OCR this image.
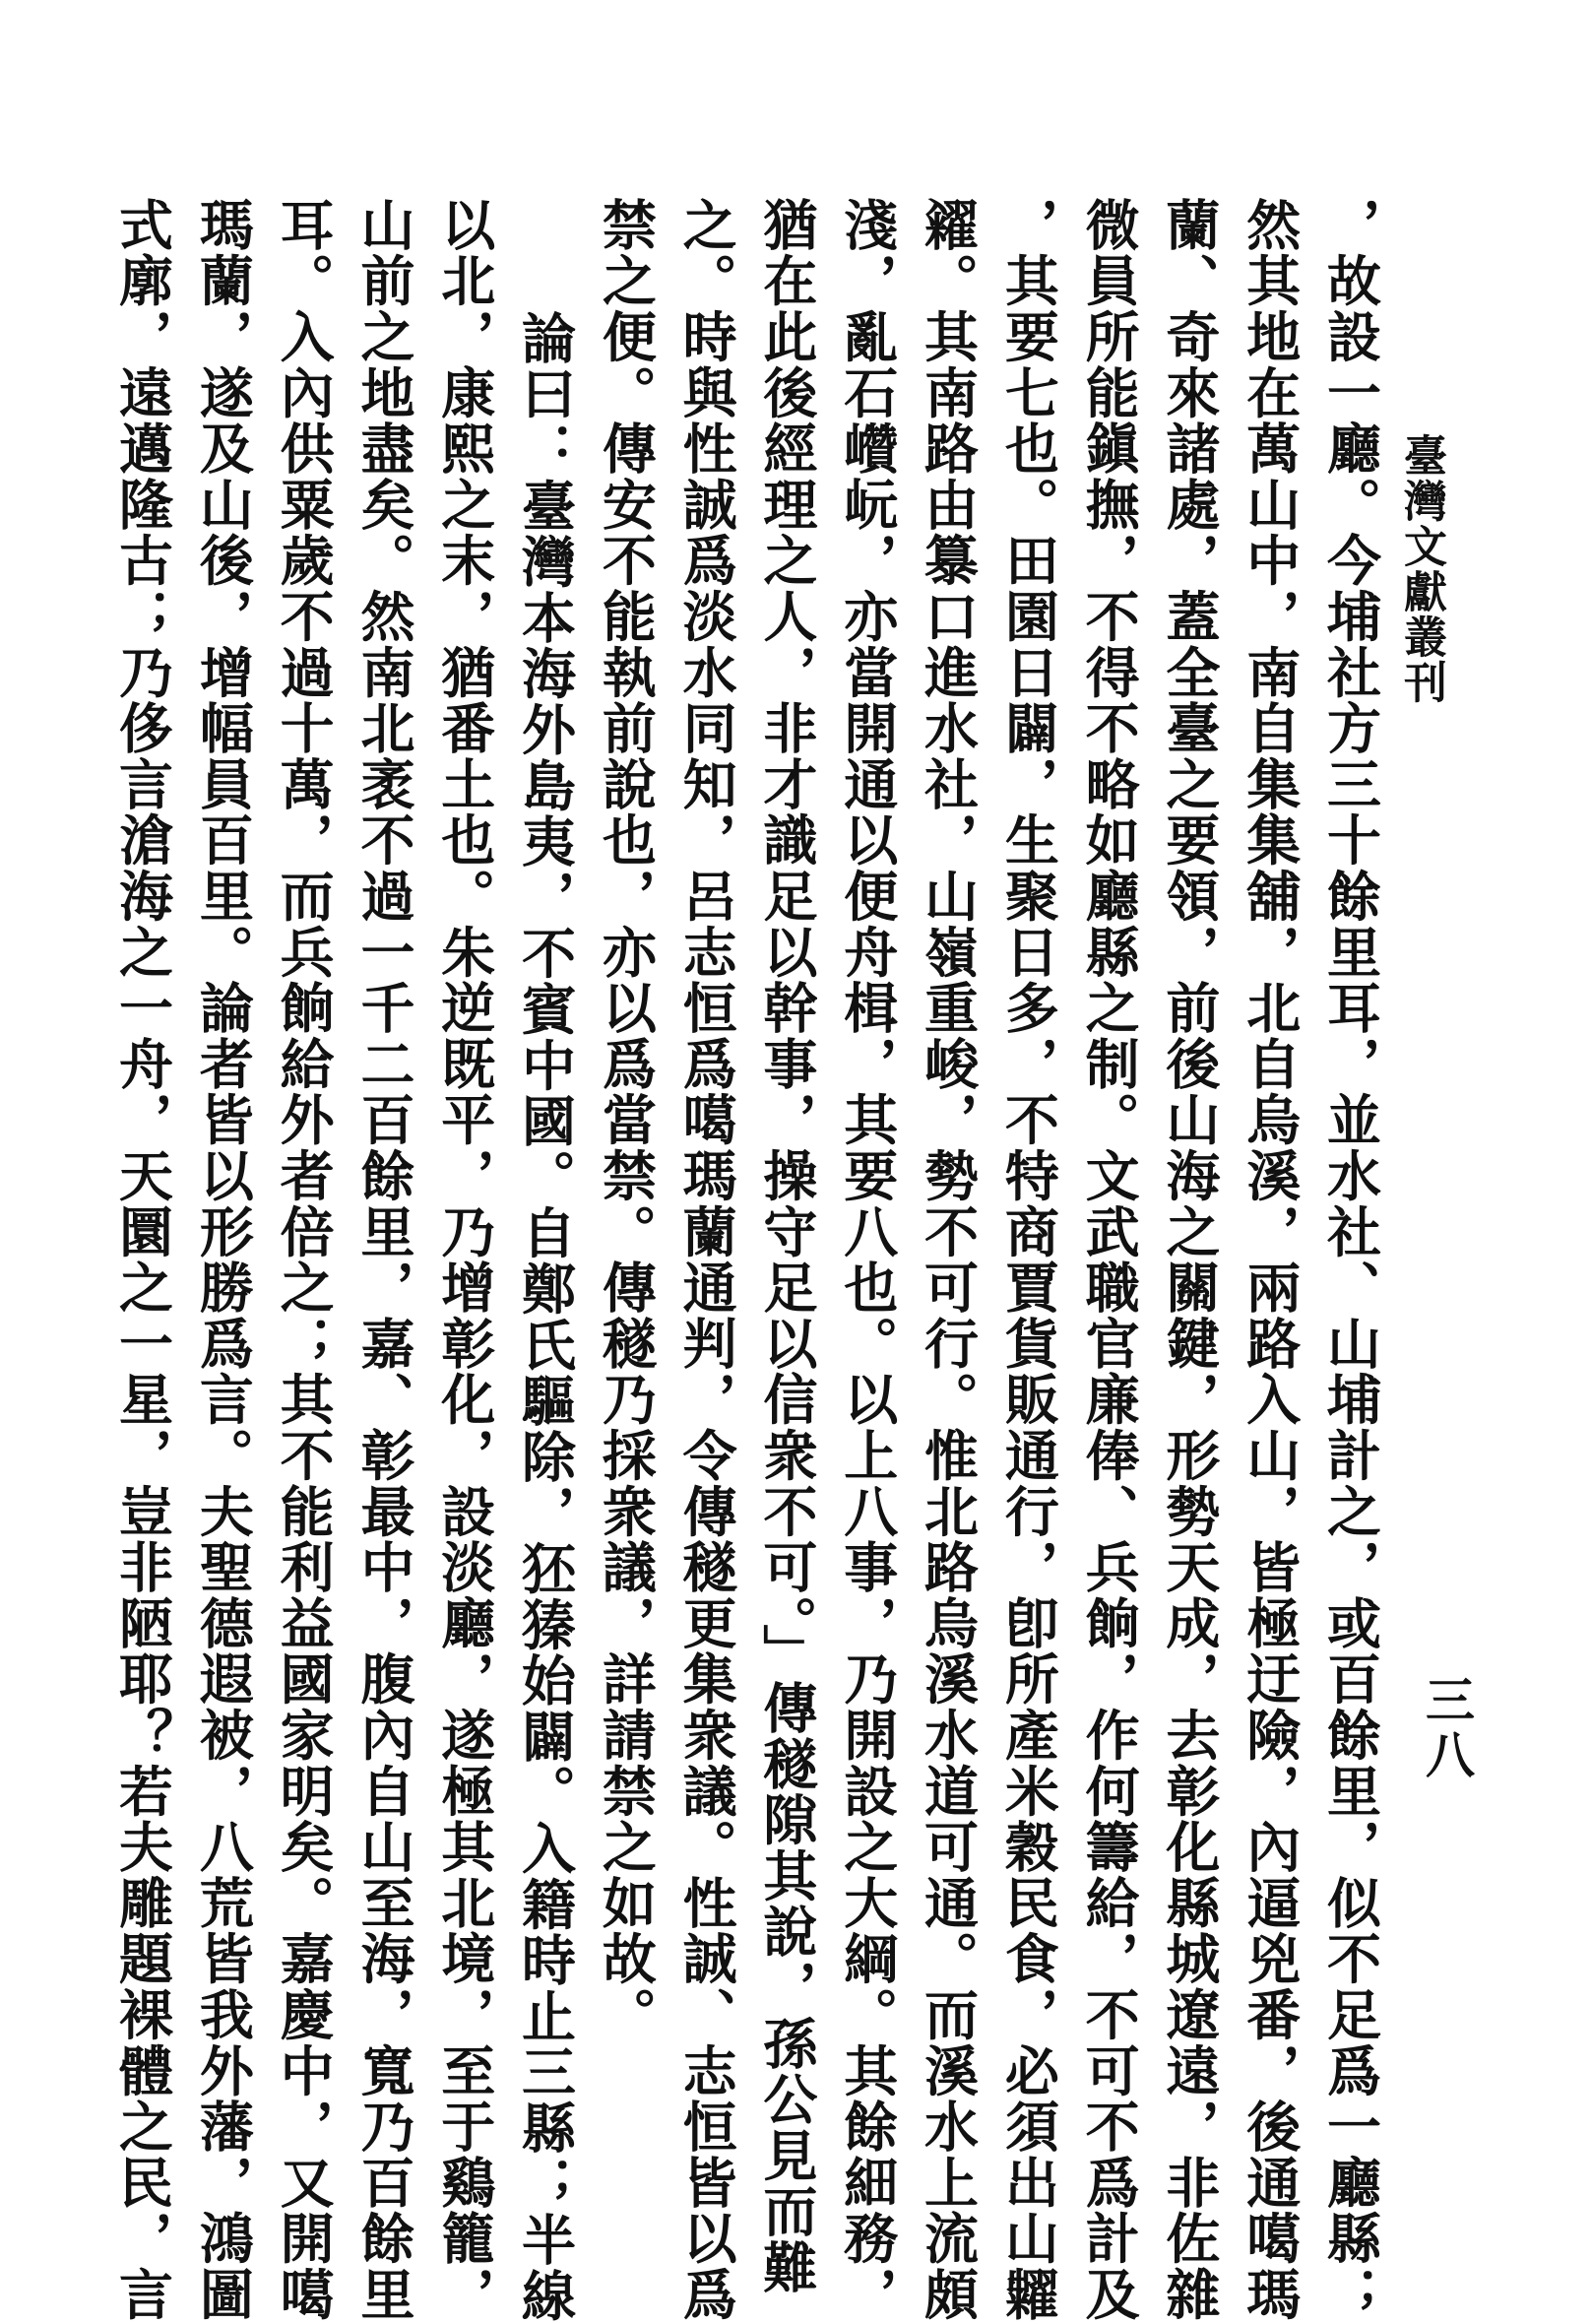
臺灣文獻叢刊
三八
，故設一廳。今埔社方三十餘里耳，並水社、山埔計之，或百餘里，似不足爲一廳縣；
然其地在萬山中，南自集集舖，北自烏溪，兩路入山，皆極迂險，內逼兇番，後通噶瑪
蘭、奇來諸處，蓋全臺之要領，前後山海之關鍵，形勢天成，去彰化縣城遼遠，非佐雜
微員所能鎭撫，不得不略如廳縣之制。文武職官廉俸、兵餉，作何籌給，不可不爲計及
，其要七也。田園日闢，生聚日多，不特商賈貨販通行，卽所產米穀民食，必須出山糶
糴。其南路由𥴠口進水社，山嶺重峻，勢不可行。惟北路烏溪水道可通。而溪水上流頗
淺，亂石巑岏，亦當開通以便舟楫，其要八也。以上八事，乃開設之大綱。其餘細務，
猶在此後經理之人，非才識足以幹事，操守足以信衆不可。」傳穟隙其說，孫公見而難
之。時與性誠爲淡水同知，呂志恒爲噶瑪蘭通判，令傳穟更集衆議。性誠、志恒皆以爲
禁之便。傳安不能執前說也，亦以爲當禁。傳穟乃採衆議，詳請禁之如故。
論曰：臺灣本海外島夷，不賓中國。自鄭氏驅除，狉獉始闢。入籍時止三縣；半線
以北，康熙之末，猶番土也。朱逆既平，乃增彰化，設淡廳，遂極其北境，至于鷄籠，
山前之地盡矣。然南北袤不過一千二百餘里，嘉、彰最中，腹內自山至海，寬乃百餘里
耳。入內供粟歲不過十萬，而兵餉給外者倍之；其不能利益國家明矣。嘉慶中，又開噶
瑪蘭，遂及山後，增幅員百里。論者皆以形勝爲言。夫聖德遐被，八荒皆我外藩，鴻圖
式廓，遠邁隆古；乃侈言滄海之一舟，天圜之一星，豈非陋耶？若夫雕題裸體之民，言
